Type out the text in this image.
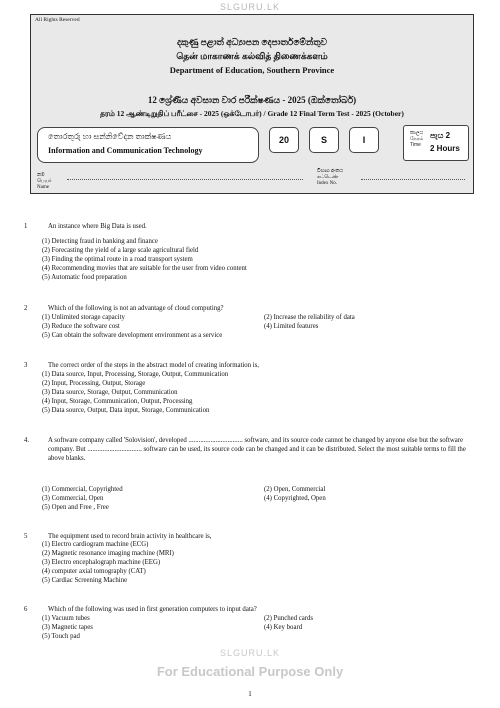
SLGURU.LK
All Rights Reserved
දකුණු පළාත් අධ්‍යාපන දෙපාර්තමේන්තුව
தென் மாகாணக் கல்வித் திணைக்களம்
Department of Education, Southern Province
12 ශ්‍රේණිය අවසාන වාර පරීක්ෂණය - 2025 (ඔක්තෝබර්)
தரம் 12 ஆண்டிறுதிப் பரீட்சை - 2025 (ஒக்டோபர்) / Grade 12 Final Term Test - 2025 (October)
තොරතුරු හා සන්නිවේදන තාක්ෂණය
Information and Communication Technology
20	S	I
කාලය
நேரம்
Time
පැය 2
2 Hours
නම
பெயர்
Name
විභාග අංකය
சுட்டெண்
Index No.
1	An instance where Big Data is used.
(1) Detecting fraud in banking and finance
(2) Forecasting the yield of a large scale agricultural field
(3) Finding the optimal route in a road transport system
(4) Recommending movies that are suitable for the user from video content
(5) Automatic food preparation
2	Which of the following is not an advantage of cloud computing?
(1) Unlimited storage capacity	(2) Increase the reliability of data
(3) Reduce the software cost	(4) Limited features
(5) Can obtain the software development environment as a service
3	The correct order of the steps in the abstract model of creating information is,
(1) Data source, Input, Processing, Storage, Output, Communication
(2) Input, Processing, Output, Storage
(3) Data source, Storage, Output, Communication
(4) Input, Storage, Communication, Output, Processing
(5) Data source, Output, Data input, Storage, Communication
4.	A software company called 'Solovision', developed ................................ software, and its source code cannot be changed by anyone else but the software company. But ................................ software can be used, its source code can be changed and it can be distributed. Select the most suitable terms to fill the above blanks.
(1) Commercial, Copyrighted	(2) Open, Commercial
(3) Commercial, Open	(4) Copyrighted, Open
(5) Open and Free , Free
5	The equipment used to record brain activity in healthcare is,
(1) Electro cardiogram machine (ECG)
(2) Magnetic resonance imaging machine (MRI)
(3) Electro encephalograph machine (EEG)
(4) computer axial tomography (CAT)
(5) Cardiac Screening Machine
6	Which of the following was used in first generation computers to input data?
(1) Vacuum tubes	(2) Punched cards
(3) Magnetic tapes	(4) Key board
(5) Touch pad
SLGURU.LK
For Educational Purpose Only
1
